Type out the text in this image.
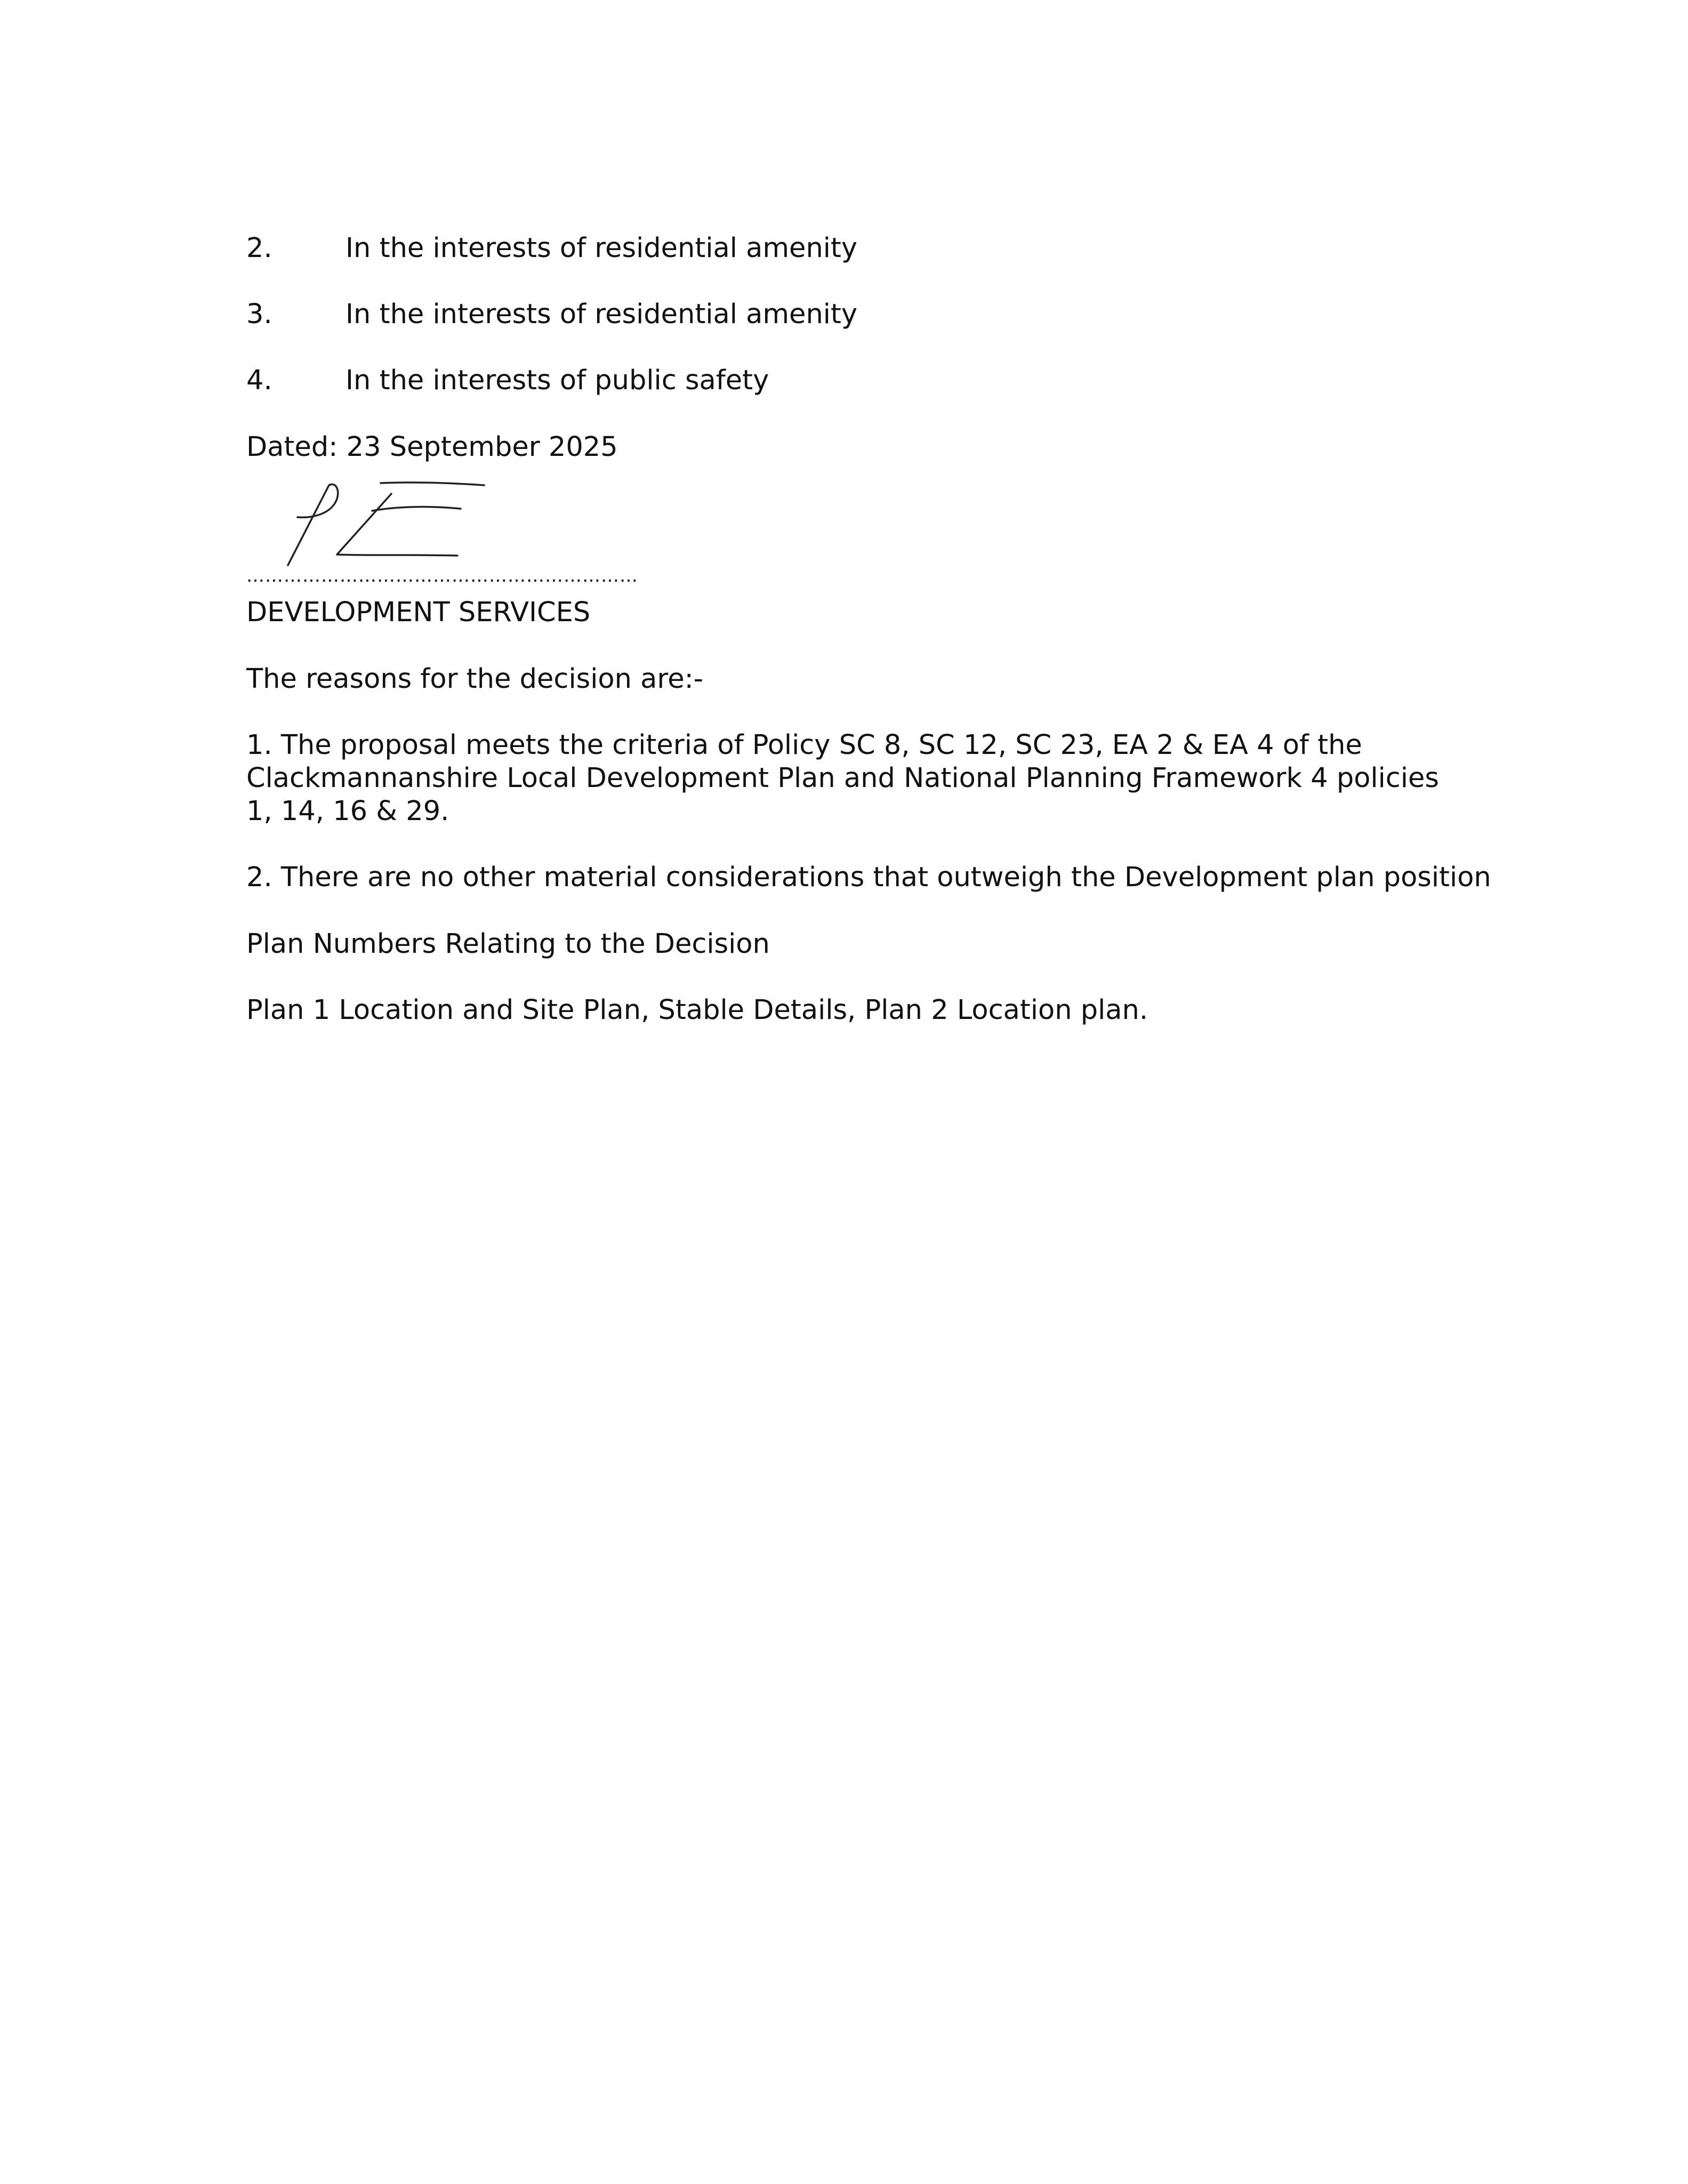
2.	In the interests of residential amenity
3.	In the interests of residential amenity
4.	In the interests of public safety
Dated: 23 September 2025
………………………………………………………
DEVELOPMENT SERVICES
The reasons for the decision are:-
1. The proposal meets the criteria of Policy SC 8, SC 12, SC 23, EA 2 & EA 4 of the Clackmannanshire Local Development Plan and National Planning Framework 4 policies 1, 14, 16 & 29.
2. There are no other material considerations that outweigh the Development plan position
Plan Numbers Relating to the Decision
Plan 1 Location and Site Plan, Stable Details, Plan 2 Location plan.
